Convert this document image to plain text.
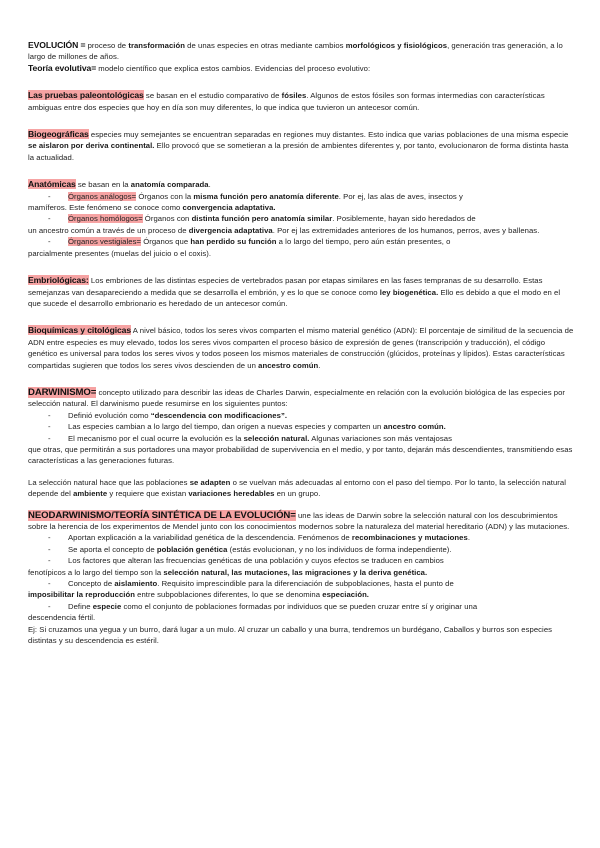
EVOLUCIÓN = proceso de transformación de unas especies en otras mediante cambios morfológicos y fisiológicos, generación tras generación, a lo largo de millones de años.

Teoría evolutiva= modelo científico que explica estos cambios. Evidencias del proceso evolutivo:

Las pruebas paleontológicas se basan en el estudio comparativo de fósiles. Algunos de estos fósiles son formas intermedias con características ambiguas entre dos especies que hoy en día son muy diferentes, lo que indica que tuvieron un antecesor común.

Biogeográficas especies muy semejantes se encuentran separadas en regiones muy distantes. Esto indica que varias poblaciones de una misma especie se aislaron por deriva continental. Ello provocó que se sometieran a la presión de ambientes diferentes y, por tanto, evolucionaron de forma distinta hasta la actualidad.

Anatómicas se basan en la anatomía comparada.

- Órganos análogos= Órganos con la misma función pero anatomía diferente. Por ej, las alas de aves, insectos y

mamíferos. Este fenómeno se conoce como convergencia adaptativa.

- Órganos homólogos= Órganos con distinta función pero anatomía similar. Posiblemente, hayan sido heredados de

un ancestro común a través de un proceso de divergencia adaptativa. Por ej las extremidades anteriores de los humanos, perros, aves y ballenas.

- Órganos vestigiales= Órganos que han perdido su función a lo largo del tiempo, pero aún están presentes, o

parcialmente presentes (muelas del juicio o el coxis).

Embriológicas: Los embriones de las distintas especies de vertebrados pasan por etapas similares en las fases tempranas de su desarrollo. Estas semejanzas van desapareciendo a medida que se desarrolla el embrión, y es lo que se conoce como ley biogenética. Ello es debido a que el modo en el que sucede el desarrollo embrionario es heredado de un antecesor común.

Bioquímicas y citológicas A nivel básico, todos los seres vivos comparten el mismo material genético (ADN): El porcentaje de similitud de la secuencia de ADN entre especies es muy elevado, todos los seres vivos comparten el proceso básico de expresión de genes (transcripción y traducción), el código genético es universal para todos los seres vivos y todos poseen los mismos materiales de construcción (glúcidos, proteínas y lípidos). Estas características compartidas sugieren que todos los seres vivos descienden de un ancestro común.

DARWINISMO= concepto utilizado para describir las ideas de Charles Darwin, especialmente en relación con la evolución biológica de las especies por selección natural. El darwinismo puede resumirse en los siguientes puntos:

- Definió evolución como “descendencia con modificaciones”.

- Las especies cambian a lo largo del tiempo, dan origen a nuevas especies y comparten un ancestro común.

- El mecanismo por el cual ocurre la evolución es la selección natural. Algunas variaciones son más ventajosas

que otras, que permitirán a sus portadores una mayor probabilidad de supervivencia en el medio, y por tanto, dejarán más descendientes, transmitiendo esas características a las generaciones futuras.

La selección natural hace que las poblaciones se adapten o se vuelvan más adecuadas al entorno con el paso del tiempo. Por lo tanto, la selección natural depende del ambiente y requiere que existan variaciones heredables en un grupo.

NEODARWINISMO/TEORÍA SINTÉTICA DE LA EVOLUCIÓN= une las ideas de Darwin sobre la selección natural con los descubrimientos sobre la herencia de los experimentos de Mendel junto con los conocimientos modernos sobre la naturaleza del material hereditario (ADN) y las mutaciones.

- Aportan explicación a la variabilidad genética de la descendencia. Fenómenos de recombinaciones y mutaciones.

- Se aporta el concepto de población genética (estás evolucionan, y no los individuos de forma independiente).

- Los factores que alteran las frecuencias genéticas de una población y cuyos efectos se traducen en cambios

fenotípicos a lo largo del tiempo son la selección natural, las mutaciones, las migraciones y la deriva genética.

- Concepto de aislamiento. Requisito imprescindible para la diferenciación de subpoblaciones, hasta el punto de

imposibilitar la reproducción entre subpoblaciones diferentes, lo que se denomina especiación.

- Define especie como el conjunto de poblaciones formadas por individuos que se pueden cruzar entre sí y originar una

descendencia fértil.

Ej: Si cruzamos una yegua y un burro, dará lugar a un mulo. Al cruzar un caballo y una burra, tendremos un burdégano, Caballos y burros son especies distintas y su descendencia es estéril.
